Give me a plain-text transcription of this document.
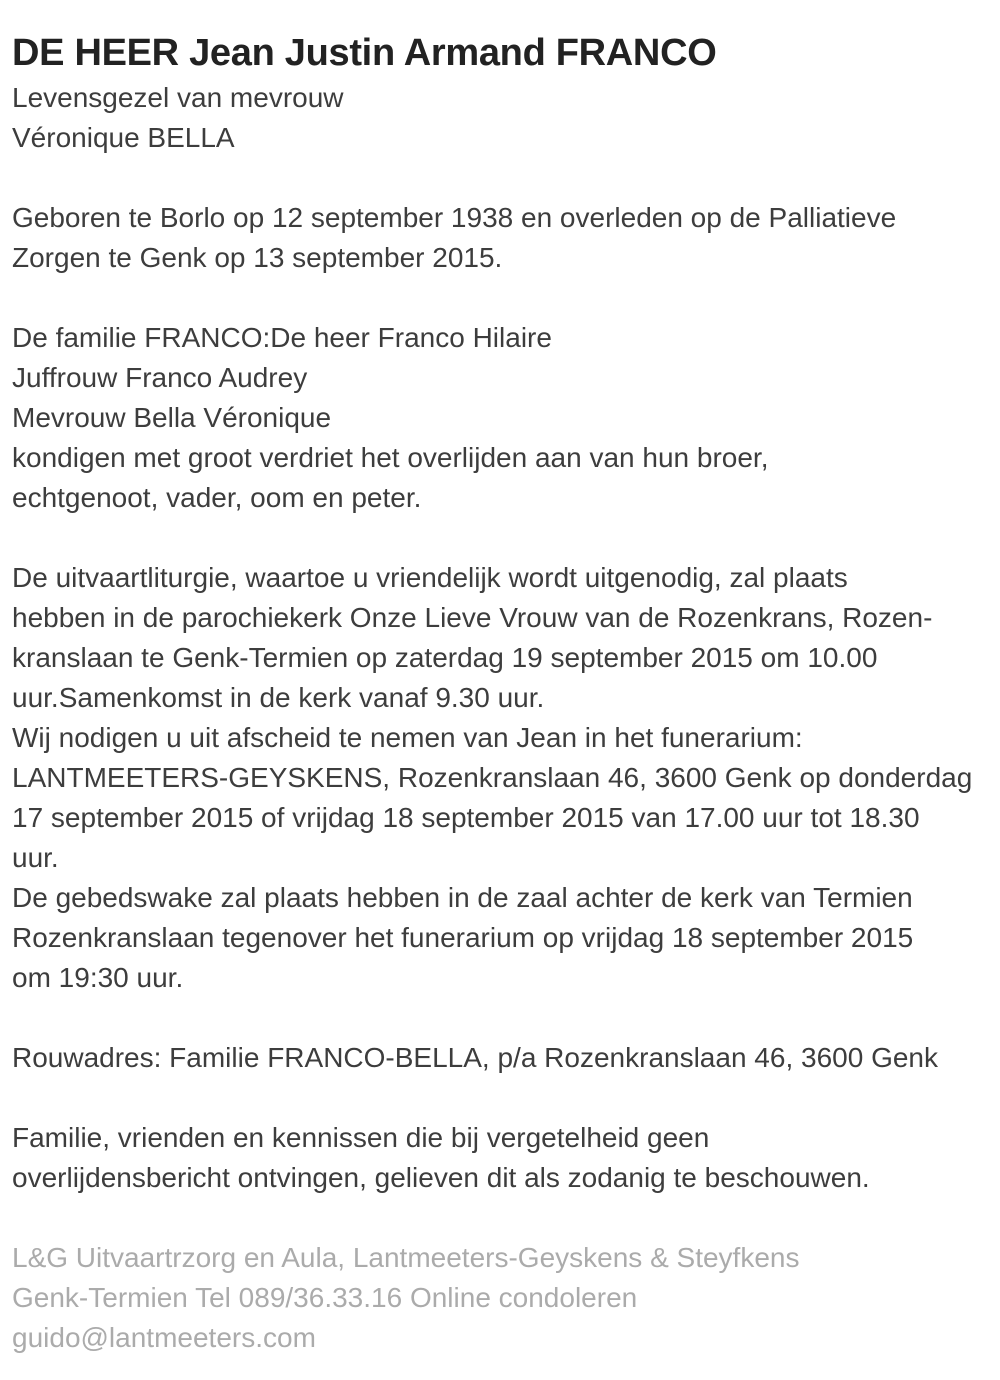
DE HEER Jean Justin Armand FRANCO
Levensgezel van mevrouw
Véronique BELLA
Geboren te Borlo op 12 september 1938 en overleden op de Palliatieve
Zorgen te Genk op 13 september 2015.
De familie FRANCO:De heer Franco Hilaire
Juffrouw Franco Audrey
Mevrouw Bella Véronique
kondigen met groot verdriet het overlijden aan van hun broer,
echtgenoot, vader, oom en peter.
De uitvaartliturgie, waartoe u vriendelijk wordt uitgenodig, zal plaats
hebben in de parochiekerk Onze Lieve Vrouw van de Rozenkrans, Rozen-
kranslaan te Genk-Termien op zaterdag 19 september 2015 om 10.00
uur.Samenkomst in de kerk vanaf 9.30 uur.
Wij nodigen u uit afscheid te nemen van Jean in het funerarium:
LANTMEETERS-GEYSKENS, Rozenkranslaan 46, 3600 Genk op donderdag
17 september 2015 of vrijdag 18 september 2015 van 17.00 uur tot 18.30
uur.
De gebedswake zal plaats hebben in de zaal achter de kerk van Termien
Rozenkranslaan tegenover het funerarium op vrijdag 18 september 2015
om 19:30 uur.
Rouwadres: Familie FRANCO-BELLA, p/a Rozenkranslaan 46, 3600 Genk
Familie, vrienden en kennissen die bij vergetelheid geen
overlijdensbericht ontvingen, gelieven dit als zodanig te beschouwen.
L&G Uitvaartrzorg en Aula, Lantmeeters-Geyskens & Steyfkens
Genk-Termien Tel 089/36.33.16 Online condoleren
guido@lantmeeters.com
